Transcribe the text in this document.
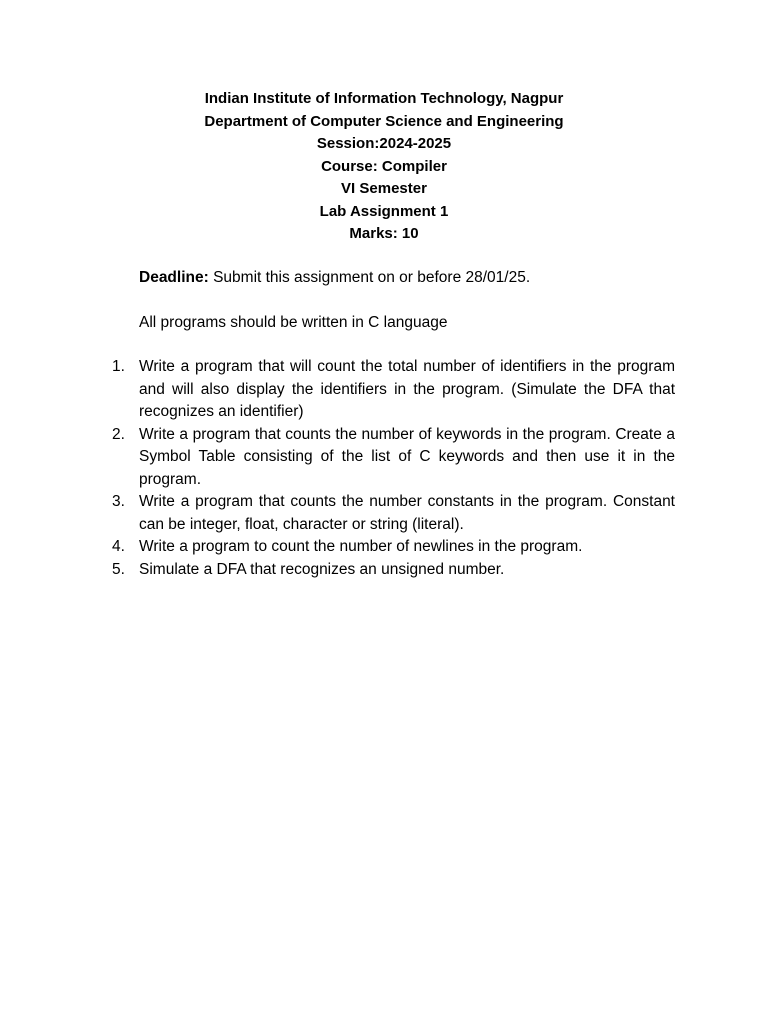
Indian Institute of Information Technology, Nagpur
Department of Computer Science and Engineering
Session:2024-2025
Course: Compiler
VI Semester
Lab Assignment 1
Marks: 10
Deadline: Submit this assignment on or before 28/01/25.
All programs should be written in C language
1. Write a program that will count the total number of identifiers in the program and will also display the identifiers in the program. (Simulate the DFA that recognizes an identifier)
2. Write a program that counts the number of keywords in the program. Create a Symbol Table consisting of the list of C keywords and then use it in the program.
3. Write a program that counts the number constants in the program. Constant can be integer, float, character or string (literal).
4. Write a program to count the number of newlines in the program.
5. Simulate a DFA that recognizes an unsigned number.
